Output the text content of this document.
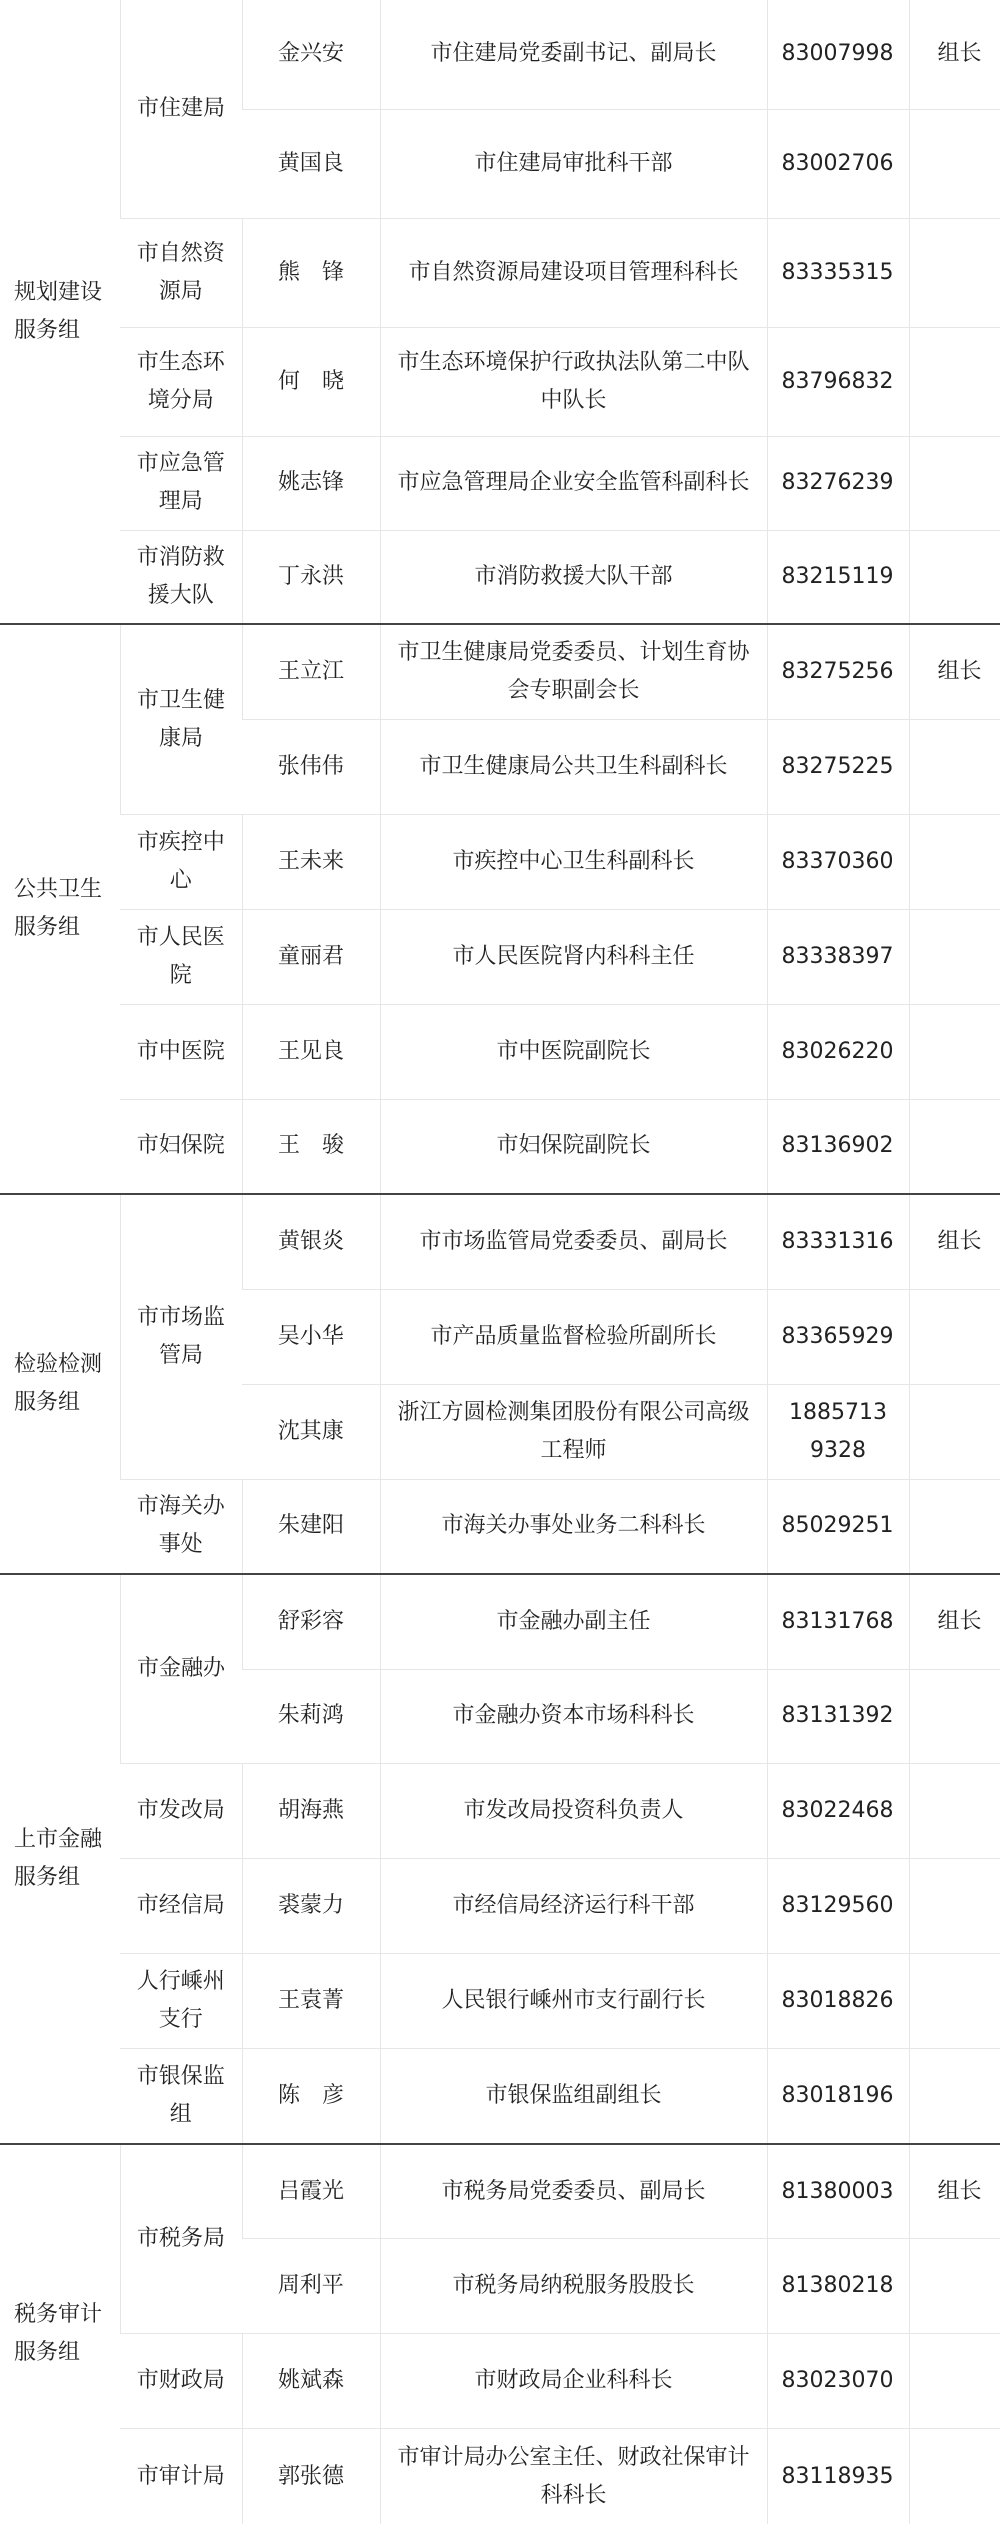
规划建设服务组	市住建局	金兴安	市住建局党委副书记、副局长	83007998	组长
		黄国良	市住建局审批科干部	83002706	
	市自然资源局	熊　锋	市自然资源局建设项目管理科科长	83335315	
	市生态环境分局	何　晓	市生态环境保护行政执法队第二中队中队长	83796832	
	市应急管理局	姚志锋	市应急管理局企业安全监管科副科长	83276239	
	市消防救援大队	丁永洪	市消防救援大队干部	83215119	
公共卫生服务组	市卫生健康局	王立江	市卫生健康局党委委员、计划生育协会专职副会长	83275256	组长
		张伟伟	市卫生健康局公共卫生科副科长	83275225	
	市疾控中心	王未来	市疾控中心卫生科副科长	83370360	
	市人民医院	童丽君	市人民医院肾内科科主任	83338397	
	市中医院	王见良	市中医院副院长	83026220	
	市妇保院	王　骏	市妇保院副院长	83136902	
检验检测服务组	市市场监管局	黄银炎	市市场监管局党委委员、副局长	83331316	组长
		吴小华	市产品质量监督检验所副所长	83365929	
		沈其康	浙江方圆检测集团股份有限公司高级工程师	18857139328	
	市海关办事处	朱建阳	市海关办事处业务二科科长	85029251	
上市金融服务组	市金融办	舒彩容	市金融办副主任	83131768	组长
		朱莉鸿	市金融办资本市场科科长	83131392	
	市发改局	胡海燕	市发改局投资科负责人	83022468	
	市经信局	裘蒙力	市经信局经济运行科干部	83129560	
	人行嵊州支行	王袁菁	人民银行嵊州市支行副行长	83018826	
	市银保监组	陈　彦	市银保监组副组长	83018196	
税务审计服务组	市税务局	吕霞光	市税务局党委委员、副局长	81380003	组长
		周利平	市税务局纳税服务股股长	81380218	
	市财政局	姚斌森	市财政局企业科科长	83023070	
	市审计局	郭张德	市审计局办公室主任、财政社保审计科科长	83118935	
